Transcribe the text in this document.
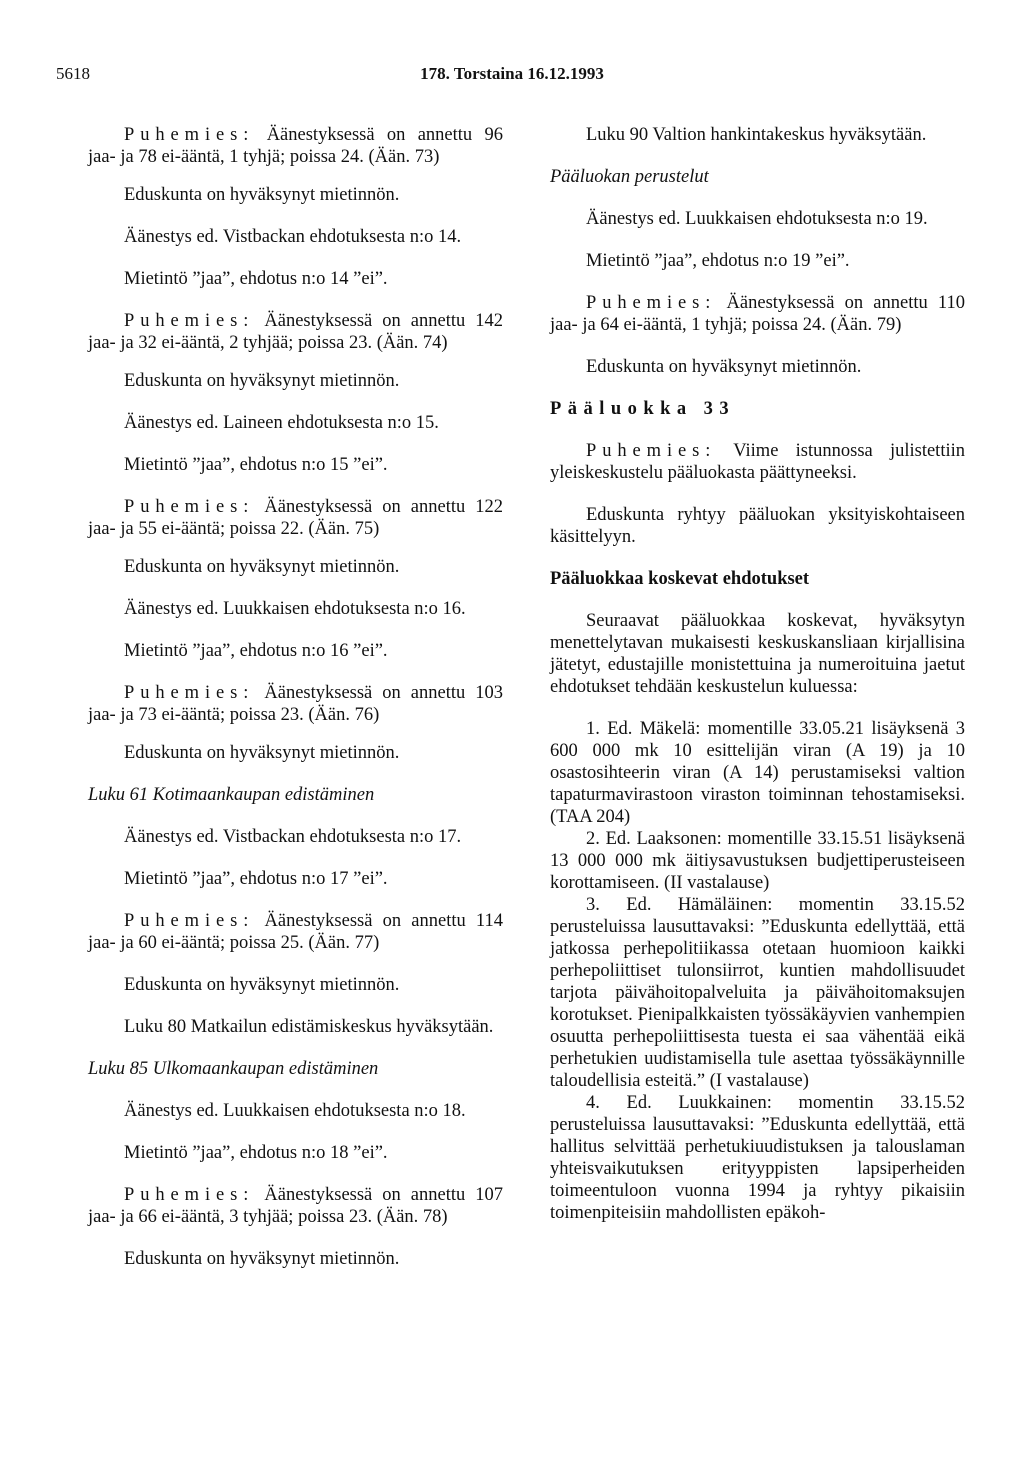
5618	178. Torstaina 16.12.1993

Puhemies: Äänestyksessä on annettu 96 jaa- ja 78 ei-ääntä, 1 tyhjä; poissa 24. (Ään. 73)

Eduskunta on hyväksynyt mietinnön.

Äänestys ed. Vistbackan ehdotuksesta n:o 14.

Mietintö ”jaa”, ehdotus n:o 14 ”ei”.

Puhemies: Äänestyksessä on annettu 142 jaa- ja 32 ei-ääntä, 2 tyhjää; poissa 23. (Ään. 74)

Eduskunta on hyväksynyt mietinnön.

Äänestys ed. Laineen ehdotuksesta n:o 15.

Mietintö ”jaa”, ehdotus n:o 15 ”ei”.

Puhemies: Äänestyksessä on annettu 122 jaa- ja 55 ei-ääntä; poissa 22. (Ään. 75)

Eduskunta on hyväksynyt mietinnön.

Äänestys ed. Luukkaisen ehdotuksesta n:o 16.

Mietintö ”jaa”, ehdotus n:o 16 ”ei”.

Puhemies: Äänestyksessä on annettu 103 jaa- ja 73 ei-ääntä; poissa 23. (Ään. 76)

Eduskunta on hyväksynyt mietinnön.

Luku 61 Kotimaankaupan edistäminen

Äänestys ed. Vistbackan ehdotuksesta n:o 17.

Mietintö ”jaa”, ehdotus n:o 17 ”ei”.

Puhemies: Äänestyksessä on annettu 114 jaa- ja 60 ei-ääntä; poissa 25. (Ään. 77)

Eduskunta on hyväksynyt mietinnön.

Luku 80 Matkailun edistämiskeskus hyväksytään.

Luku 85 Ulkomaankaupan edistäminen

Äänestys ed. Luukkaisen ehdotuksesta n:o 18.

Mietintö ”jaa”, ehdotus n:o 18 ”ei”.

Puhemies: Äänestyksessä on annettu 107 jaa- ja 66 ei-ääntä, 3 tyhjää; poissa 23. (Ään. 78)

Eduskunta on hyväksynyt mietinnön.

Luku 90 Valtion hankintakeskus hyväksytään.

Pääluokan perustelut

Äänestys ed. Luukkaisen ehdotuksesta n:o 19.

Mietintö ”jaa”, ehdotus n:o 19 ”ei”.

Puhemies: Äänestyksessä on annettu 110 jaa- ja 64 ei-ääntä, 1 tyhjä; poissa 24. (Ään. 79)

Eduskunta on hyväksynyt mietinnön.

Pääluokka 33

Puhemies: Viime istunnossa julistettiin yleiskeskustelu pääluokasta päättyneeksi.

Eduskunta ryhtyy pääluokan yksityiskohtaiseen käsittelyyn.

Pääluokkaa koskevat ehdotukset

Seuraavat pääluokkaa koskevat, hyväksytyn menettelytavan mukaisesti keskuskansliaan kirjallisina jätetyt, edustajille monistettuina ja numeroituina jaetut ehdotukset tehdään keskustelun kuluessa:

1. Ed. Mäkelä: momentille 33.05.21 lisäyksenä 3 600 000 mk 10 esittelijän viran (A 19) ja 10 osastosihteerin viran (A 14) perustamiseksi valtion tapaturmavirastoon viraston toiminnan tehostamiseksi. (TAA 204)

2. Ed. Laaksonen: momentille 33.15.51 lisäyksenä 13 000 000 mk äitiysavustuksen budjettiperusteiseen korottamiseen. (II vastalause)

3. Ed. Hämäläinen: momentin 33.15.52 perusteluissa lausuttavaksi: ”Eduskunta edellyttää, että jatkossa perhepolitiikassa otetaan huomioon kaikki perhepoliittiset tulonsiirrot, kuntien mahdollisuudet tarjota päivähoitopalveluita ja päivähoitomaksujen korotukset. Pienipalkkaisten työssäkäyvien vanhempien osuutta perhepoliittisesta tuesta ei saa vähentää eikä perhetukien uudistamisella tule asettaa työssäkäynnille taloudellisia esteitä.” (I vastalause)

4. Ed. Luukkainen: momentin 33.15.52 perusteluissa lausuttavaksi: ”Eduskunta edellyttää, että hallitus selvittää perhetukiuudistuksen ja talouslaman yhteisvaikutuksen erityyppisten lapsiperheiden toimeentuloon vuonna 1994 ja ryhtyy pikaisiin toimenpiteisiin mahdollisten epäkoh-
